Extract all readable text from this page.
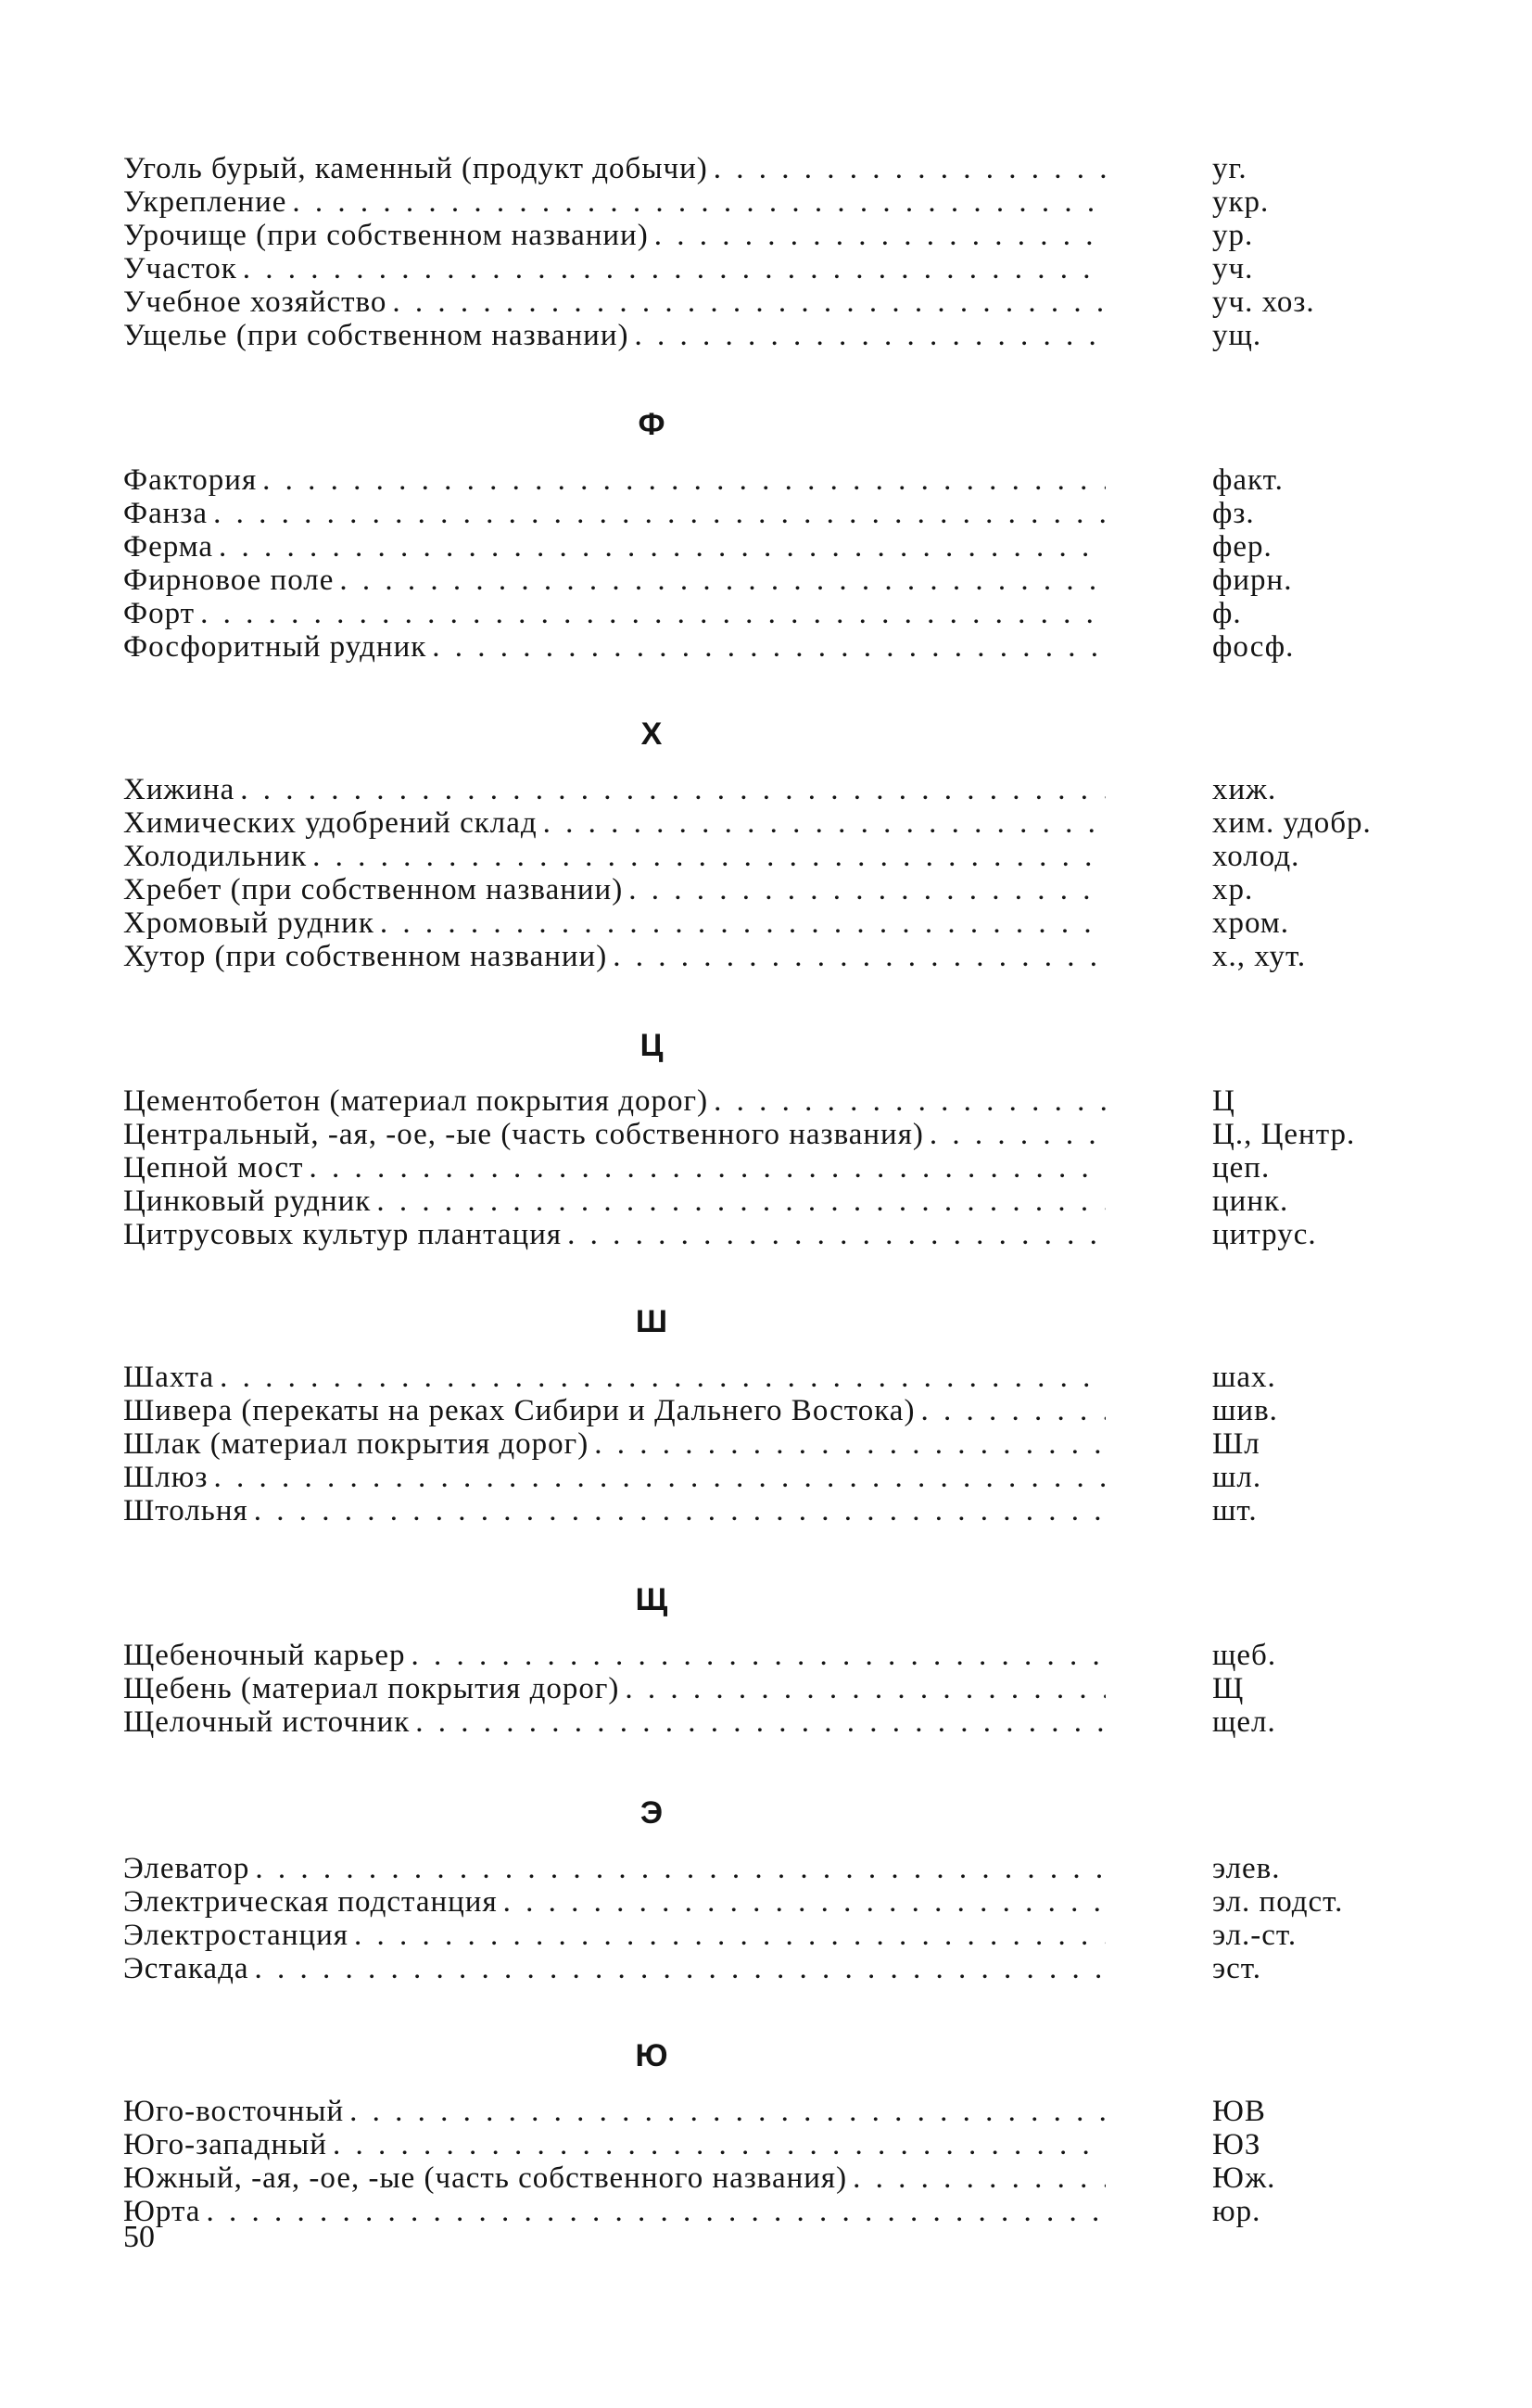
Уголь бурый, каменный (продукт добычи) . . .	уг.
Укрепление . . .	укр.
Урочище (при собственном названии) . . .	ур.
Участок . . .	уч.
Учебное хозяйство . . .	уч. хоз.
Ущелье (при собственном названии) . . .	ущ.
Ф
Фактория . . .	факт.
Фанза . . .	фз.
Ферма . . .	фер.
Фирновое поле . . .	фирн.
Форт . . .	ф.
Фосфоритный рудник . . .	фосф.
Х
Хижина . . .	хиж.
Химических удобрений склад . . .	хим. удобр.
Холодильник . . .	холод.
Хребет (при собственном названии) . . .	хр.
Хромовый рудник . . .	хром.
Хутор (при собственном названии) . . .	х., хут.
Ц
Цементобетон (материал покрытия дорог) . . .	Ц
Центральный, -ая, -ое, -ые (часть собственного названия) . . .	Ц., Центр.
Цепной мост . . .	цеп.
Цинковый рудник . . .	цинк.
Цитрусовых культур плантация . . .	цитрус.
Ш
Шахта . . .	шах.
Шивера (перекаты на реках Сибири и Дальнего Востока) . . .	шив.
Шлак (материал покрытия дорог) . . .	Шл
Шлюз . . .	шл.
Штольня . . .	шт.
Щ
Щебеночный карьер . . .	щеб.
Щебень (материал покрытия дорог) . . .	Щ
Щелочный источник . . .	щел.
Э
Элеватор . . .	элев.
Электрическая подстанция . . .	эл. подст.
Электростанция . . .	эл.-ст.
Эстакада . . .	эст.
Ю
Юго-восточный . . .	ЮВ
Юго-западный . . .	ЮЗ
Южный, -ая, -ое, -ые (часть собственного названия) . . .	Юж.
Юрта . . .	юр.
50
